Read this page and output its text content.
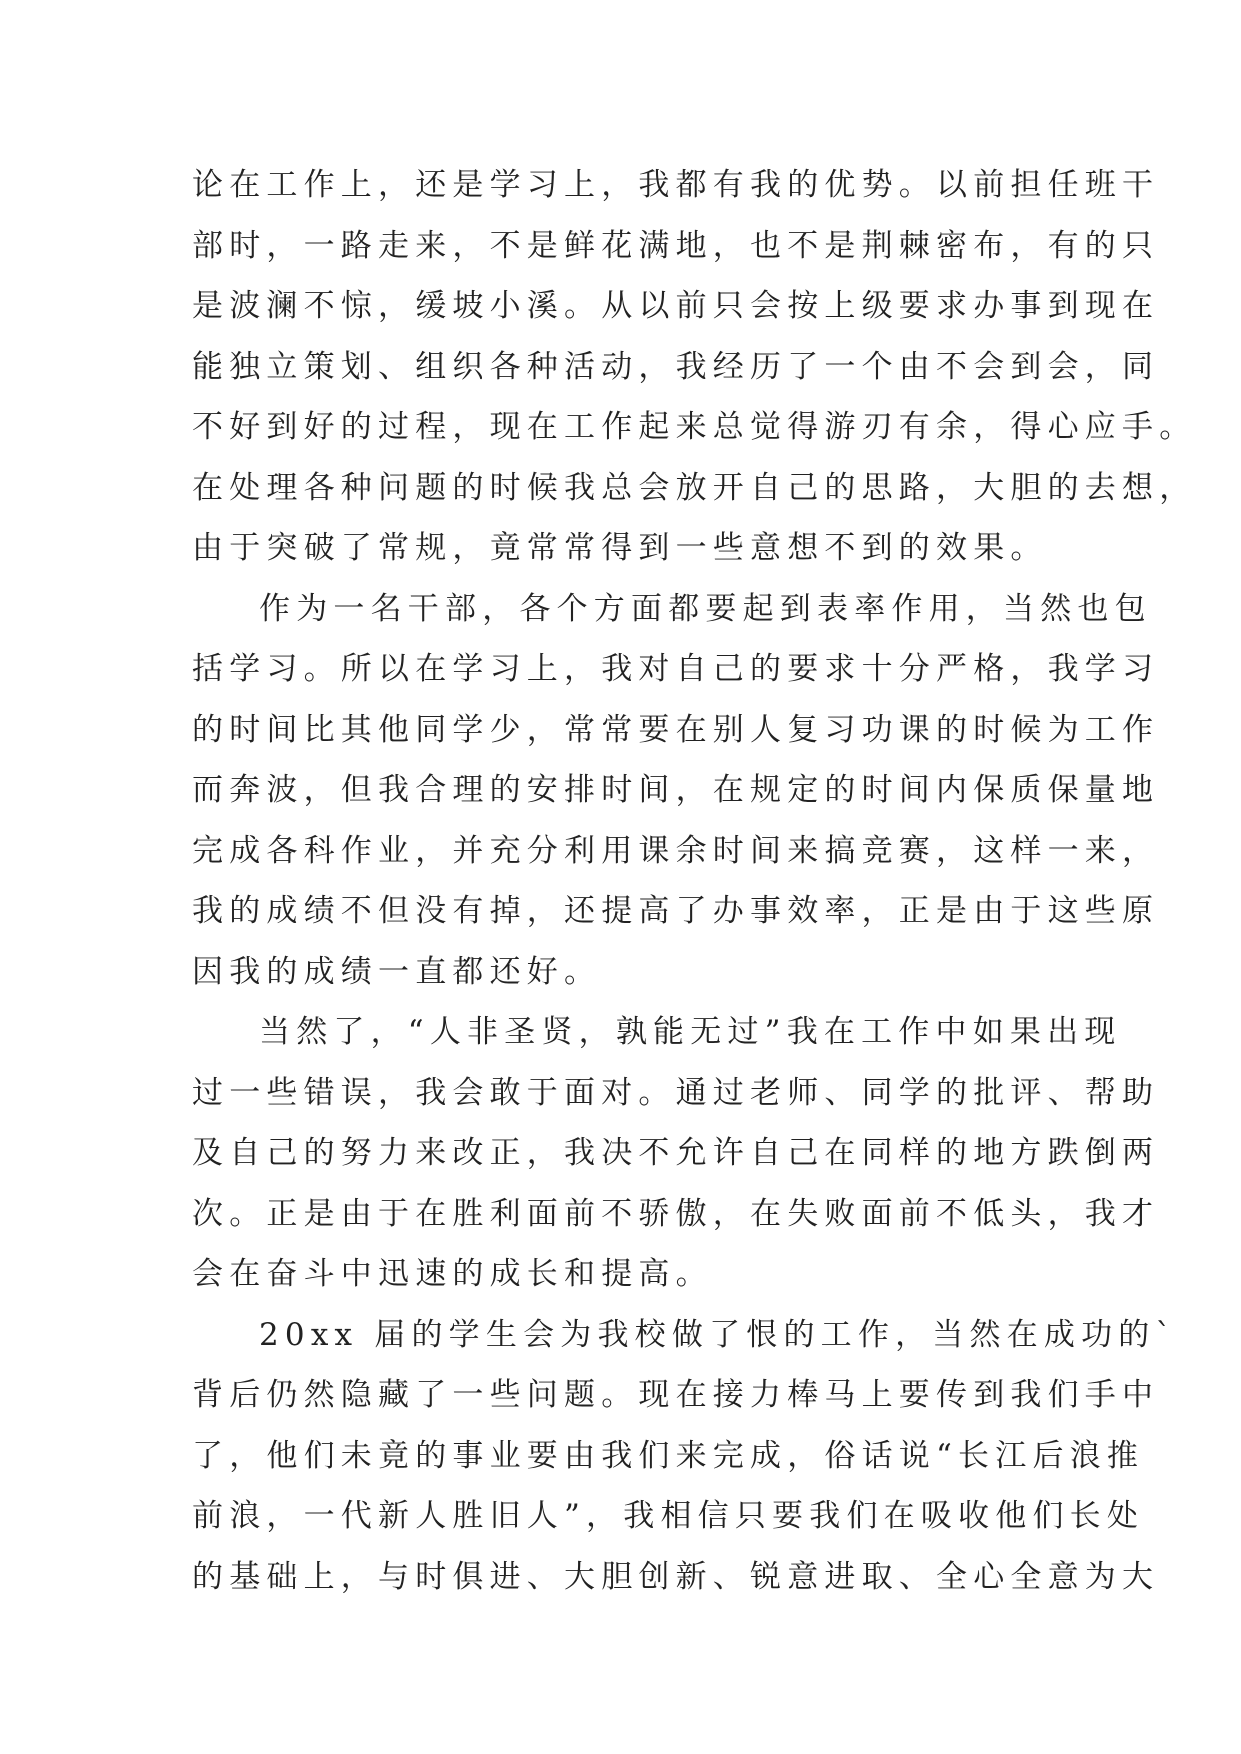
论在工作上，还是学习上，我都有我的优势。以前担任班干
部时，一路走来，不是鲜花满地，也不是荆棘密布，有的只
是波澜不惊，缓坡小溪。从以前只会按上级要求办事到现在
能独立策划、组织各种活动，我经历了一个由不会到会，同
不好到好的过程，现在工作起来总觉得游刃有余，得心应手。
在处理各种问题的时候我总会放开自己的思路，大胆的去想，
由于突破了常规，竟常常得到一些意想不到的效果。
作为一名干部，各个方面都要起到表率作用，当然也包
括学习。所以在学习上，我对自己的要求十分严格，我学习
的时间比其他同学少，常常要在别人复习功课的时候为工作
而奔波，但我合理的安排时间，在规定的时间内保质保量地
完成各科作业，并充分利用课余时间来搞竞赛，这样一来，
我的成绩不但没有掉，还提高了办事效率，正是由于这些原
因我的成绩一直都还好。
当然了，“人非圣贤，孰能无过”我在工作中如果出现
过一些错误，我会敢于面对。通过老师、同学的批评、帮助
及自己的努力来改正，我决不允许自己在同样的地方跌倒两
次。正是由于在胜利面前不骄傲，在失败面前不低头，我才
会在奋斗中迅速的成长和提高。
20xx 届的学生会为我校做了恨的工作，当然在成功的`
背后仍然隐藏了一些问题。现在接力棒马上要传到我们手中
了，他们未竟的事业要由我们来完成，俗话说“长江后浪推
前浪，一代新人胜旧人”，我相信只要我们在吸收他们长处
的基础上，与时俱进、大胆创新、锐意进取、全心全意为大
